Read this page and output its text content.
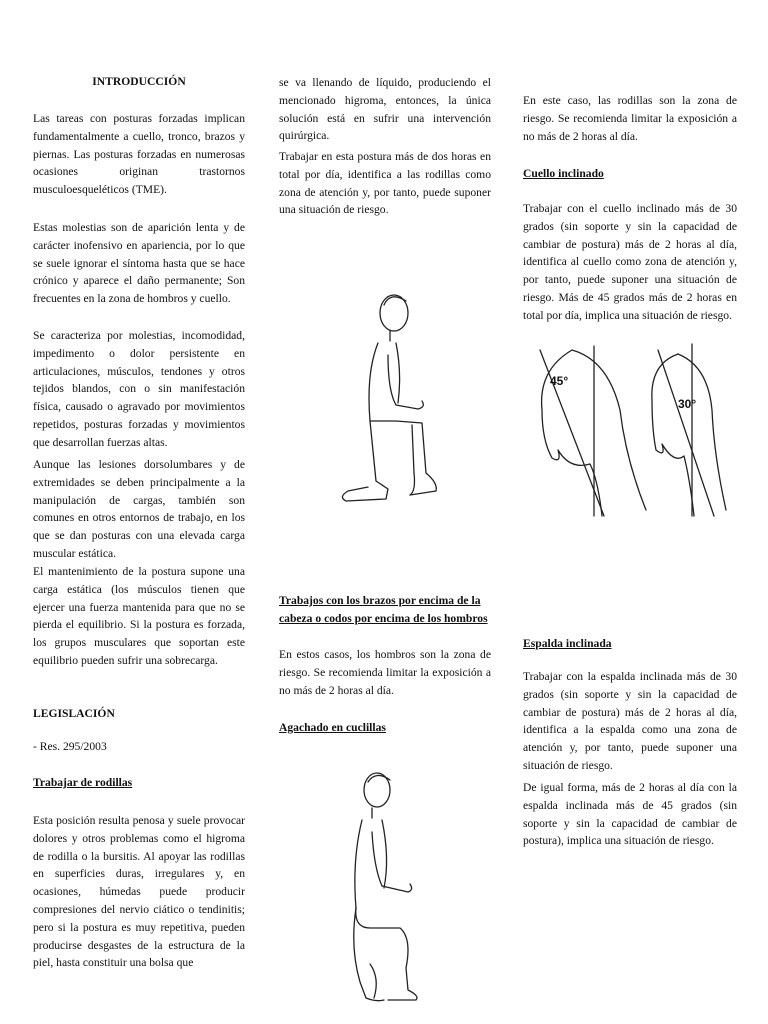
INTRODUCCIÓN

Las tareas con posturas forzadas implican fundamentalmente a cuello, tronco, brazos y piernas. Las posturas forzadas en numerosas ocasiones originan trastornos musculoesqueléticos (TME).

Estas molestias son de aparición lenta y de carácter inofensivo en apariencia, por lo que se suele ignorar el síntoma hasta que se hace crónico y aparece el daño permanente; Son frecuentes en la zona de hombros y cuello.

Se caracteriza por molestias, incomodidad, impedimento o dolor persistente en articulaciones, músculos, tendones y otros tejidos blandos, con o sin manifestación física, causado o agravado por movimientos repetidos, posturas forzadas y movimientos que desarrollan fuerzas altas.

Aunque las lesiones dorsolumbares y de extremidades se deben principalmente a la manipulación de cargas, también son comunes en otros entornos de trabajo, en los que se dan posturas con una elevada carga muscular estática.

El mantenimiento de la postura supone una carga estática (los músculos tienen que ejercer una fuerza mantenida para que no se pierda el equilibrio. Si la postura es forzada, los grupos musculares que soportan este equilibrio pueden sufrir una sobrecarga.

LEGISLACIÓN

- Res. 295/2003

Trabajar de rodillas

Esta posición resulta penosa y suele provocar dolores y otros problemas como el higroma de rodilla o la bursitis. Al apoyar las rodillas en superficies duras, irregulares y, en ocasiones, húmedas puede producir compresiones del nervio ciático o tendinitis; pero si la postura es muy repetitiva, pueden producirse desgastes de la estructura de la piel, hasta constituir una bolsa que

se va llenando de líquido, produciendo el mencionado higroma, entonces, la única solución está en sufrir una intervención quirúrgica.

Trabajar en esta postura más de dos horas en total por día, identifica a las rodillas como zona de atención y, por tanto, puede suponer una situación de riesgo.

Trabajos con los brazos por encima de la cabeza o codos por encima de los hombros

En estos casos, los hombros son la zona de riesgo. Se recomienda limitar la exposición a no más de 2 horas al día.

Agachado en cuclillas

En este caso, las rodillas son la zona de riesgo. Se recomienda limitar la exposición a no más de 2 horas al día.

Cuello inclinado

Trabajar con el cuello inclinado más de 30 grados (sin soporte y sin la capacidad de cambiar de postura) más de 2 horas al día, identifica al cuello como zona de atención y, por tanto, puede suponer una situación de riesgo. Más de 45 grados más de 2 horas en total por día, implica una situación de riesgo.

Espalda inclinada

Trabajar con la espalda inclinada más de 30 grados (sin soporte y sin la capacidad de cambiar de postura) más de 2 horas al día, identifica a la espalda como una zona de atención y, por tanto, puede suponer una situación de riesgo.

De igual forma, más de 2 horas al día con la espalda inclinada más de 45 grados (sin soporte y sin la capacidad de cambiar de postura), implica una situación de riesgo.

45°
30°
